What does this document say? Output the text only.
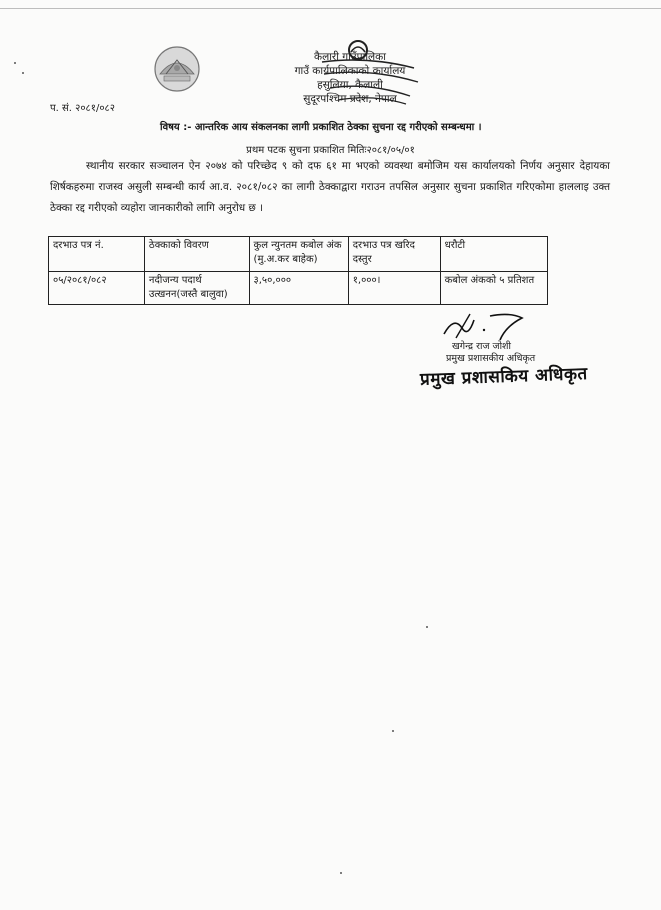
कैलारी गाउँपालिका
गाउँ कार्यपालिकाको कार्यालय
हसुलिया, कैलाली
सुदूरपश्चिम प्रदेश, नेपाल
प. सं. २०८१/०८२
विषय :- आन्तरिक आय संकलनका लागी प्रकाशित ठेक्का सुचना रद्द गरीएको सम्बन्धमा ।
प्रथम पटक सुचना प्रकाशित मितिः२०८१/०५/०१
स्थानीय सरकार सञ्चालन ऐन २०७४ को परिच्छेद ९ को दफ ६१ मा भएको व्यवस्था बमोजिम यस कार्यालयको निर्णय अनुसार देहायका शिर्षकहरुमा राजस्व असुली सम्बन्धी कार्य आ.व. २०८१/०८२ का लागी ठेक्काद्वारा गराउन तपसिल अनुसार सुचना प्रकाशित गरिएकोमा हाललाइ उक्त ठेक्का रद्द गरीएको व्यहोरा जानकारीको लागि अनुरोध छ ।
दरभाउ पत्र नं.	ठेक्काको विवरण	कुल न्युनतम कबोल अंक (मु.अ.कर बाहेक)	दरभाउ पत्र खरिद दस्तुर	धरौटी
०५/२०८१/०८२	नदीजन्य पदार्थ उत्खनन(जस्तै बालुवा)	३,५०,०००	१,०००।	कबोल अंकको ५ प्रतिशत
खगेन्द्र राज जोशी
प्रमुख प्रशासकीय अधिकृत
प्रमुख प्रशासकिय अधिकृत
